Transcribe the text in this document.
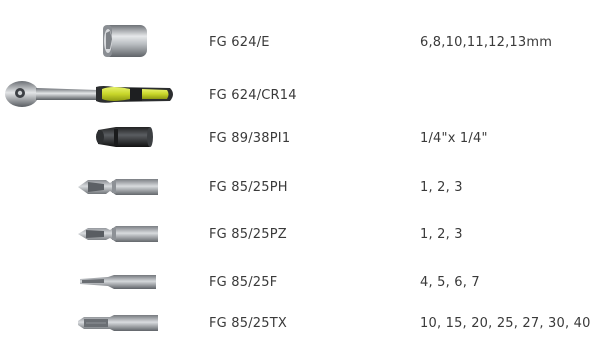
FG 624/E	6,8,10,11,12,13mm
FG 624/CR14
FG 89/38PI1	1/4"x 1/4"
FG 85/25PH	1, 2, 3
FG 85/25PZ	1, 2, 3
FG 85/25F	4, 5, 6, 7
FG 85/25TX	10, 15, 20, 25, 27, 30, 40
